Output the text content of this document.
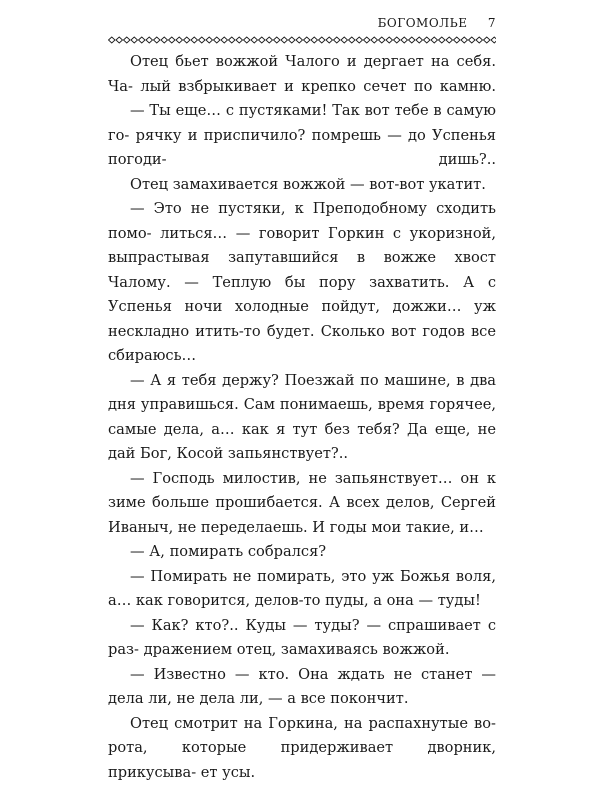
БОГОМОЛЬЕ 7

Отец бьет вожжой Чалого и дергает на себя. Ча- лый взбрыкивает и крепко сечет по камню.

— Ты еще… с пустяками! Так вот тебе в самую го- рячку и приспичило? помрешь — до Успенья погоди-	дишь?..

Отец замахивается вожжой — вот-вот укатит.

— Это не пустяки, к Преподобному сходить помо- литься… — говорит Горкин с укоризной, выпрастывая запутавшийся в вожже хвост Чалому. — Теплую бы пору захватить. А с Успенья ночи холодные пойдут, дожжи… уж нескладно итить-то будет. Сколько вот годов все сбираюсь…

— А я тебя держу? Поезжай по машине, в два дня управишься. Сам понимаешь, время горячее, самые дела, а… как я тут без тебя? Да еще, не дай Бог, Косой запьянствует?..

— Господь милостив, не запьянствует… он к зиме больше прошибается. А всех делов, Сергей Иваныч, не переделаешь. И годы мои такие, и…

— А, помирать собрался?

— Помирать не помирать, это уж Божья воля, а… как говорится, делов-то пуды, а она — туды!

— Как? кто?.. Куды — туды? — спрашивает с раз- дражением отец, замахиваясь вожжой.

— Известно — кто. Она ждать не станет — дела ли, не дела ли, — а все покончит.

Отец смотрит на Горкина, на распахнутые во- рота, которые придерживает дворник, прикусыва- ет усы.
